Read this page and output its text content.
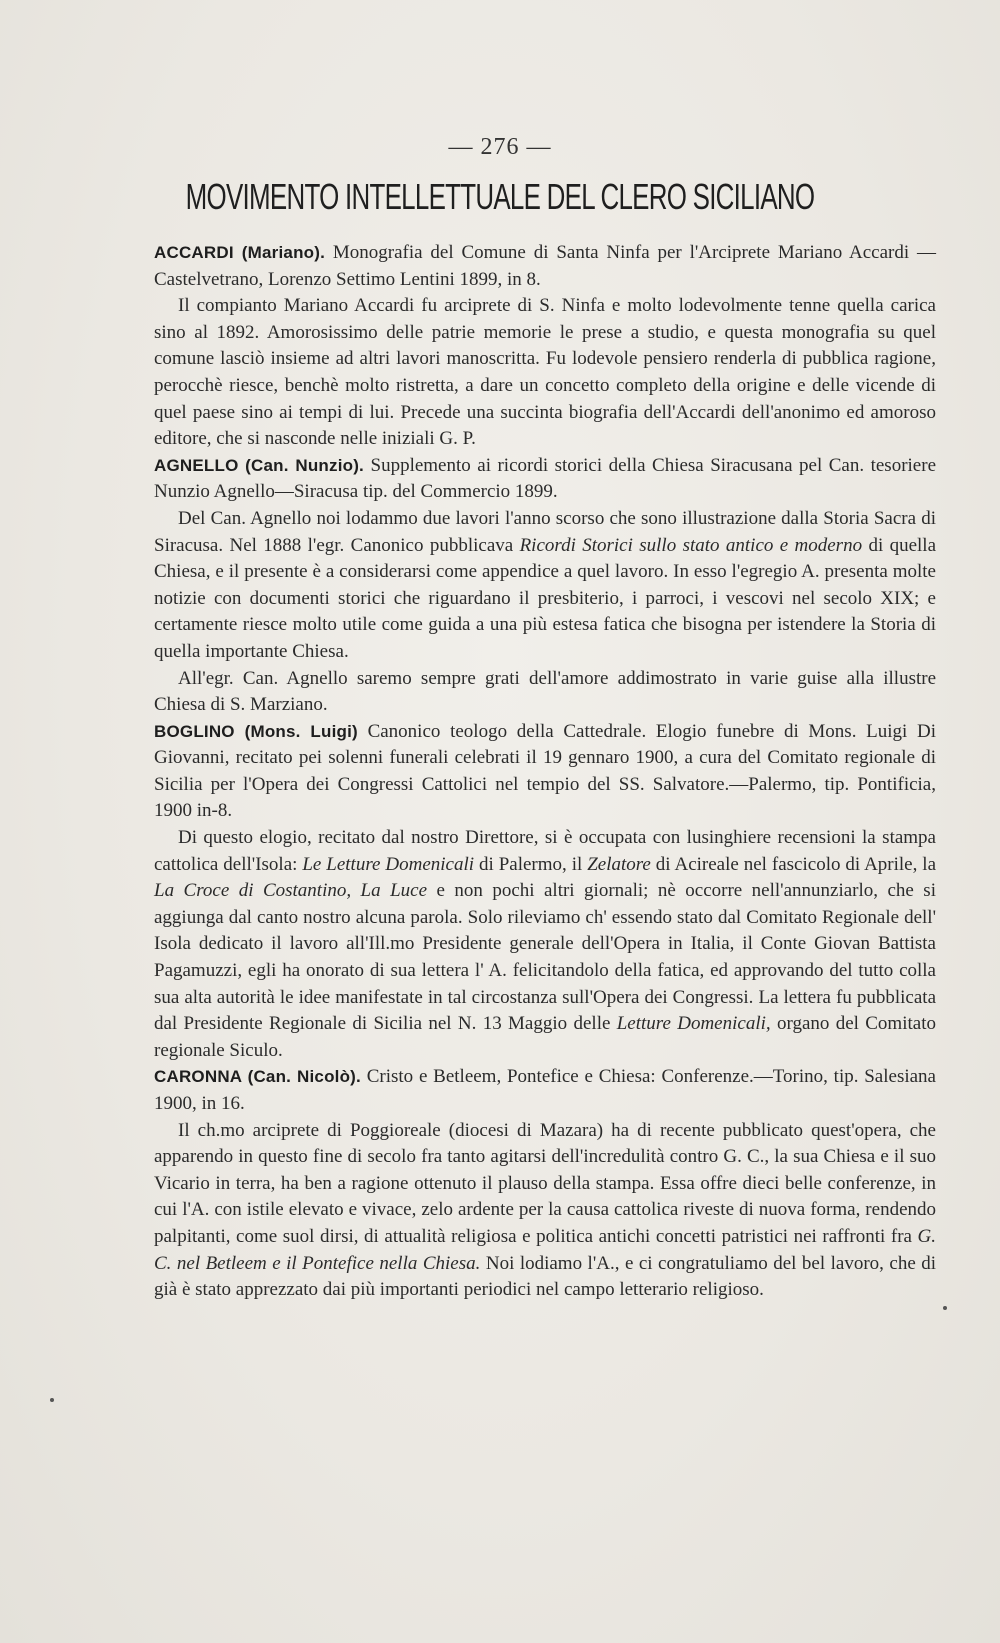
— 276 —
MOVIMENTO INTELLETTUALE DEL CLERO SICILIANO

ACCARDI (Mariano). Monografia del Comune di Santa Ninfa per l'Arciprete Mariano Accardi — Castelvetrano, Lorenzo Settimo Lentini 1899, in 8.

Il compianto Mariano Accardi fu arciprete di S. Ninfa e molto lodevolmente tenne quella carica sino al 1892. Amorosissimo delle patrie memorie le prese a studio, e questa monografia su quel comune lasciò insieme ad altri lavori manoscritta. Fu lodevole pensiero renderla di pubblica ragione, perocchè riesce, benchè molto ristretta, a dare un concetto completo della origine e delle vicende di quel paese sino ai tempi di lui. Precede una succinta biografia dell'Accardi dell'anonimo ed amoroso editore, che si nasconde nelle iniziali G. P.

AGNELLO (Can. Nunzio). Supplemento ai ricordi storici della Chiesa Siracusana pel Can. tesoriere Nunzio Agnello—Siracusa tip. del Commercio 1899.

Del Can. Agnello noi lodammo due lavori l'anno scorso che sono illustrazione dalla Storia Sacra di Siracusa. Nel 1888 l'egr. Canonico pubblicava Ricordi Storici sullo stato antico e moderno di quella Chiesa, e il presente è a considerarsi come appendice a quel lavoro. In esso l'egregio A. presenta molte notizie con documenti storici che riguardano il presbiterio, i parroci, i vescovi nel secolo XIX; e certamente riesce molto utile come guida a una più estesa fatica che bisogna per istendere la Storia di quella importante Chiesa.

All'egr. Can. Agnello saremo sempre grati dell'amore addimostrato in varie guise alla illustre Chiesa di S. Marziano.

BOGLINO (Mons. Luigi) Canonico teologo della Cattedrale. Elogio funebre di Mons. Luigi Di Giovanni, recitato pei solenni funerali celebrati il 19 gennaro 1900, a cura del Comitato regionale di Sicilia per l'Opera dei Congressi Cattolici nel tempio del SS. Salvatore.—Palermo, tip. Pontificia, 1900 in-8.

Di questo elogio, recitato dal nostro Direttore, si è occupata con lusinghiere recensioni la stampa cattolica dell'Isola: Le Letture Domenicali di Palermo, il Zelatore di Acireale nel fascicolo di Aprile, la La Croce di Costantino, La Luce e non pochi altri giornali; nè occorre nell'annunziarlo, che si aggiunga dal canto nostro alcuna parola. Solo rileviamo ch' essendo stato dal Comitato Regionale dell' Isola dedicato il lavoro all'Ill.mo Presidente generale dell'Opera in Italia, il Conte Giovan Battista Pagamuzzi, egli ha onorato di sua lettera l' A. felicitandolo della fatica, ed approvando del tutto colla sua alta autorità le idee manifestate in tal circostanza sull'Opera dei Congressi. La lettera fu pubblicata dal Presidente Regionale di Sicilia nel N. 13 Maggio delle Letture Domenicali, organo del Comitato regionale Siculo.

CARONNA (Can. Nicolò). Cristo e Betleem, Pontefice e Chiesa: Conferenze.—Torino, tip. Salesiana 1900, in 16.

Il ch.mo arciprete di Poggioreale (diocesi di Mazara) ha di recente pubblicato quest'opera, che apparendo in questo fine di secolo fra tanto agitarsi dell'incredulità contro G. C., la sua Chiesa e il suo Vicario in terra, ha ben a ragione ottenuto il plauso della stampa. Essa offre dieci belle conferenze, in cui l'A. con istile elevato e vivace, zelo ardente per la causa cattolica riveste di nuova forma, rendendo palpitanti, come suol dirsi, di attualità religiosa e politica antichi concetti patristici nei raffronti fra G. C. nel Betleem e il Pontefice nella Chiesa. Noi lodiamo l'A., e ci congratuliamo del bel lavoro, che di già è stato apprezzato dai più importanti periodici nel campo letterario religioso.
